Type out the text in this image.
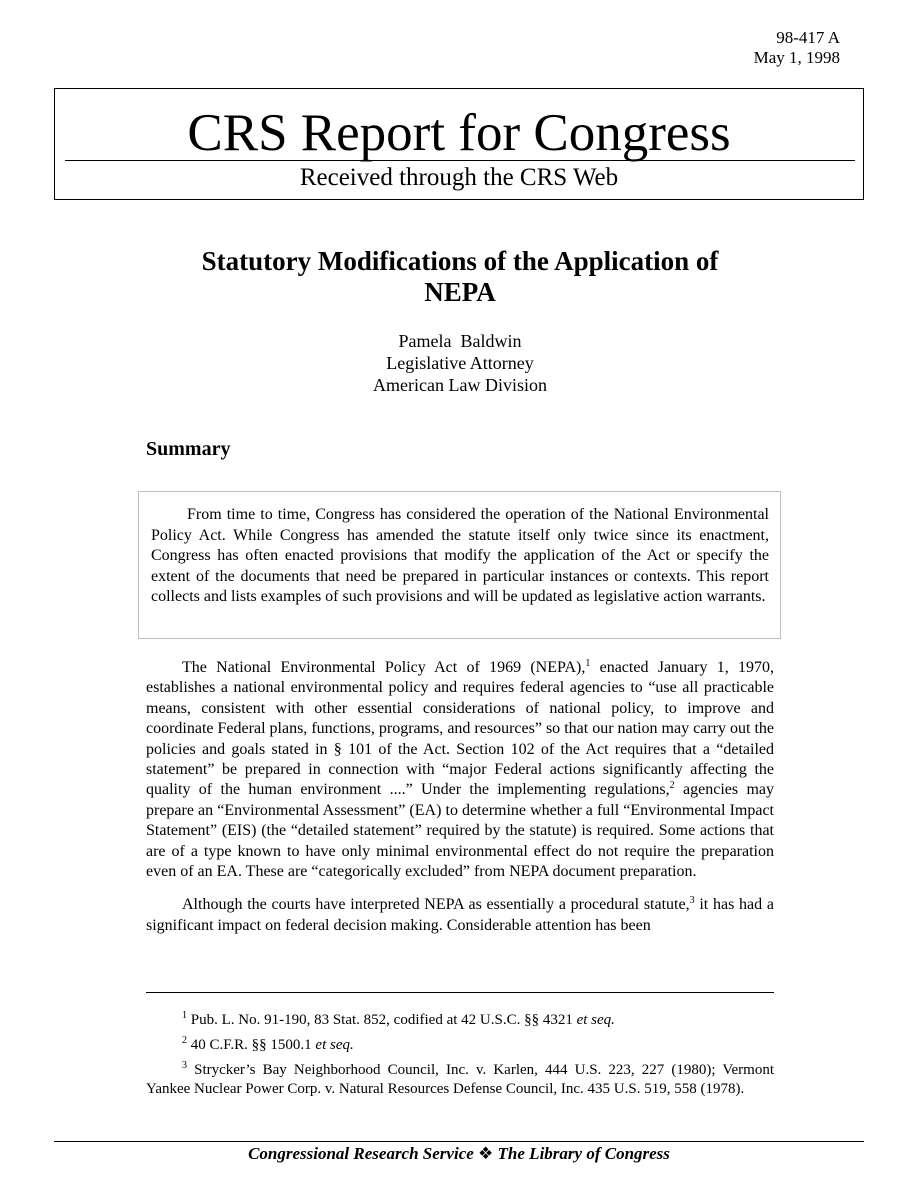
98-417 A
May 1, 1998
CRS Report for Congress
Received through the CRS Web
Statutory Modifications of the Application of
NEPA
Pamela  Baldwin
Legislative Attorney
American Law Division
Summary

From time to time, Congress has considered the operation of the National Environmental Policy Act. While Congress has amended the statute itself only twice since its enactment, Congress has often enacted provisions that modify the application of the Act or specify the extent of the documents that need be prepared in particular instances or contexts. This report collects and lists examples of such provisions and will be updated as legislative action warrants.

The National Environmental Policy Act of 1969 (NEPA),$^1$ enacted January 1, 1970, establishes a national environmental policy and requires federal agencies to “use all practicable means, consistent with other essential considerations of national policy, to improve and coordinate Federal plans, functions, programs, and resources” so that our nation may carry out the policies and goals stated in § 101 of the Act. Section 102 of the Act requires that a “detailed statement” be prepared in connection with “major Federal actions significantly affecting the quality of the human environment ....” Under the implementing regulations,$^2$ agencies may prepare an “Environmental Assessment” (EA) to determine whether a full “Environmental Impact Statement” (EIS) (the “detailed statement” required by the statute) is required. Some actions that are of a type known to have only minimal environmental effect do not require the preparation even of an EA. These are “categorically excluded” from NEPA document preparation.

Although the courts have interpreted NEPA as essentially a procedural statute,$^3$ it has had a significant impact on federal decision making. Considerable attention has been

$^1$ Pub. L. No. 91-190, 83 Stat. 852, codified at 42 U.S.C. §§ 4321 et seq.

$^2$ 40 C.F.R. §§ 1500.1 et seq.

$^3$ Strycker’s Bay Neighborhood Council, Inc. v. Karlen, 444 U.S. 223, 227 (1980); Vermont Yankee Nuclear Power Corp. v. Natural Resources Defense Council, Inc. 435 U.S. 519, 558 (1978).

Congressional Research Service ❖ The Library of Congress
